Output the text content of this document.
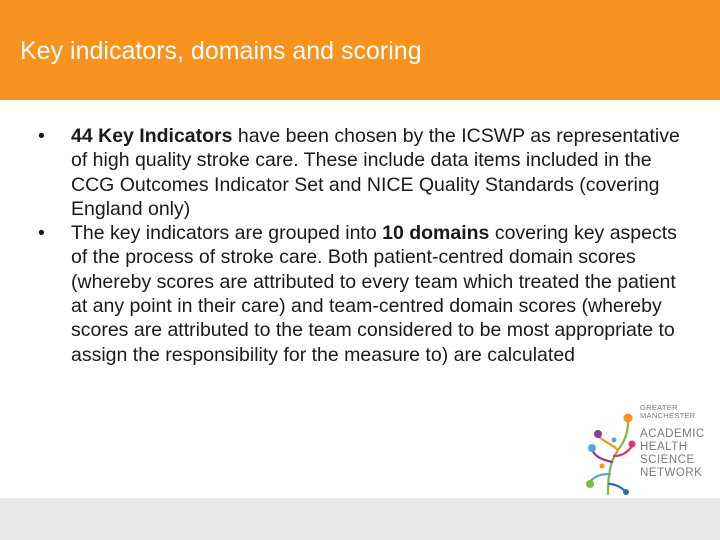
Key indicators, domains and scoring
•	44 Key Indicators have been chosen by the ICSWP as representative of high quality stroke care. These include data items included in the CCG Outcomes Indicator Set and NICE Quality Standards (covering England only)
•	The key indicators are grouped into 10 domains covering key aspects of the process of stroke care. Both patient-centred domain scores (whereby scores are attributed to every team which treated the patient at any point in their care) and team-centred domain scores (whereby scores are attributed to the team considered to be most appropriate to assign the responsibility for the measure to) are calculated
GREATER
MANCHESTER
ACADEMIC
HEALTH
SCIENCE
NETWORK
